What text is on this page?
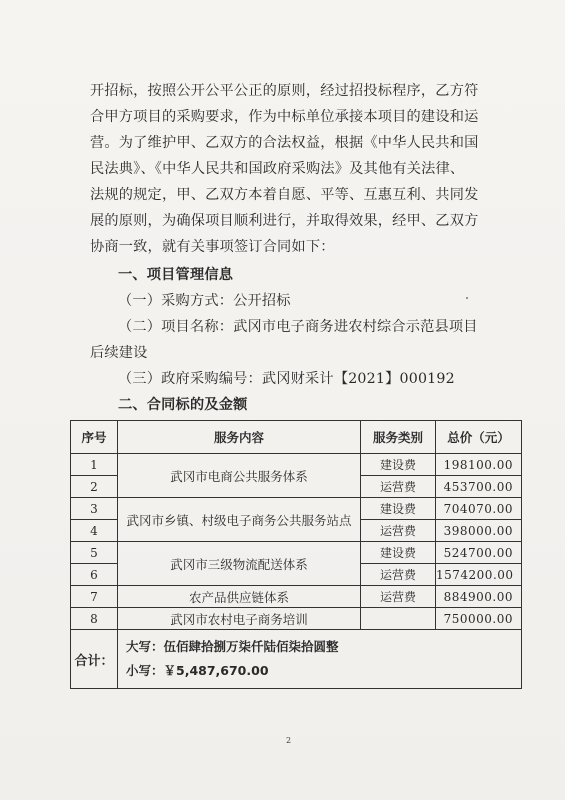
开招标，按照公开公平公正的原则，经过招投标程序，乙方符
合甲方项目的采购要求，作为中标单位承接本项目的建设和运
营。为了维护甲、乙双方的合法权益，根据《中华人民共和国
民法典》、《中华人民共和国政府采购法》及其他有关法律、
法规的规定，甲、乙双方本着自愿、平等、互惠互利、共同发
展的原则，为确保项目顺利进行，并取得效果，经甲、乙双方
协商一致，就有关事项签订合同如下：
一、项目管理信息
（一）采购方式：公开招标
（二）项目名称：武冈市电子商务进农村综合示范县项目
后续建设
（三）政府采购编号：武冈财采计【2021】000192
二、合同标的及金额
序号	服务内容	服务类别	总价（元）
1	武冈市电商公共服务体系	建设费	198100.00
2		运营费	453700.00
3	武冈市乡镇、村级电子商务公共服务站点	建设费	704070.00
4		运营费	398000.00
5	武冈市三级物流配送体系	建设费	524700.00
6		运营费	1574200.00
7	农产品供应链体系	运营费	884900.00
8	武冈市农村电子商务培训		750000.00
合计：	大写：伍佰肆拾捌万柒仟陆佰柒拾圆整
小写：￥5,487,670.00		
2
